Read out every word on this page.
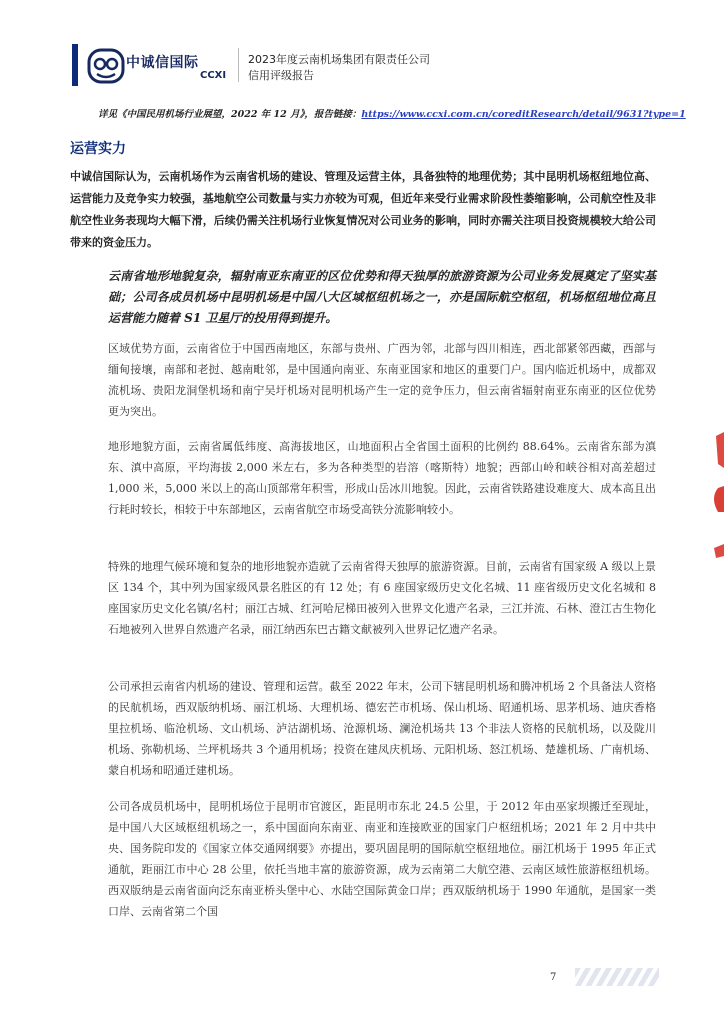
中诚信国际
CCXI
2023年度云南机场集团有限责任公司
信用评级报告
详见《中国民用机场行业展望，2022 年 12 月》，报告链接：https://www.ccxi.com.cn/coreditResearch/detail/9631?type=1
运营实力
中诚信国际认为，云南机场作为云南省机场的建设、管理及运营主体，具备独特的地理优势；其中昆明机场枢纽地位高、运营能力及竞争实力较强，基地航空公司数量与实力亦较为可观，但近年来受行业需求阶段性萎缩影响，公司航空性及非航空性业务表现均大幅下滑，后续仍需关注机场行业恢复情况对公司业务的影响，同时亦需关注项目投资规模较大给公司带来的资金压力。
云南省地形地貌复杂，辐射南亚东南亚的区位优势和得天独厚的旅游资源为公司业务发展奠定了坚实基础；公司各成员机场中昆明机场是中国八大区域枢纽机场之一，亦是国际航空枢纽，机场枢纽地位高且运营能力随着 S1 卫星厅的投用得到提升。
区域优势方面，云南省位于中国西南地区，东部与贵州、广西为邻，北部与四川相连，西北部紧邻西藏，西部与缅甸接壤，南部和老挝、越南毗邻，是中国通向南亚、东南亚国家和地区的重要门户。国内临近机场中，成都双流机场、贵阳龙洞堡机场和南宁吴圩机场对昆明机场产生一定的竞争压力，但云南省辐射南亚东南亚的区位优势更为突出。
地形地貌方面，云南省属低纬度、高海拔地区，山地面积占全省国土面积的比例约 88.64%。云南省东部为滇东、滇中高原，平均海拔 2,000 米左右，多为各种类型的岩溶（喀斯特）地貌；西部山岭和峡谷相对高差超过 1,000 米，5,000 米以上的高山顶部常年积雪，形成山岳冰川地貌。因此，云南省铁路建设难度大、成本高且出行耗时较长，相较于中东部地区，云南省航空市场受高铁分流影响较小。
特殊的地理气候环境和复杂的地形地貌亦造就了云南省得天独厚的旅游资源。目前，云南省有国家级 A 级以上景区 134 个，其中列为国家级风景名胜区的有 12 处；有 6 座国家级历史文化名城、11 座省级历史文化名城和 8 座国家历史文化名镇/名村；丽江古城、红河哈尼梯田被列入世界文化遗产名录，三江并流、石林、澄江古生物化石地被列入世界自然遗产名录，丽江纳西东巴古籍文献被列入世界记忆遗产名录。
公司承担云南省内机场的建设、管理和运营。截至 2022 年末，公司下辖昆明机场和腾冲机场 2 个具备法人资格的民航机场，西双版纳机场、丽江机场、大理机场、德宏芒市机场、保山机场、昭通机场、思茅机场、迪庆香格里拉机场、临沧机场、文山机场、泸沽湖机场、沧源机场、澜沧机场共 13 个非法人资格的民航机场，以及陇川机场、弥勒机场、兰坪机场共 3 个通用机场；投资在建凤庆机场、元阳机场、怒江机场、楚雄机场、广南机场、蒙自机场和昭通迁建机场。
公司各成员机场中，昆明机场位于昆明市官渡区，距昆明市东北 24.5 公里，于 2012 年由巫家坝搬迁至现址，是中国八大区域枢纽机场之一，系中国面向东南亚、南亚和连接欧亚的国家门户枢纽机场；2021 年 2 月中共中央、国务院印发的《国家立体交通网纲要》亦提出，要巩固昆明的国际航空枢纽地位。丽江机场于 1995 年正式通航，距丽江市中心 28 公里，依托当地丰富的旅游资源，成为云南第二大航空港、云南区域性旅游枢纽机场。西双版纳是云南省面向泛东南亚桥头堡中心、水陆空国际黄金口岸；西双版纳机场于 1990 年通航，是国家一类口岸、云南省第二个国
7
